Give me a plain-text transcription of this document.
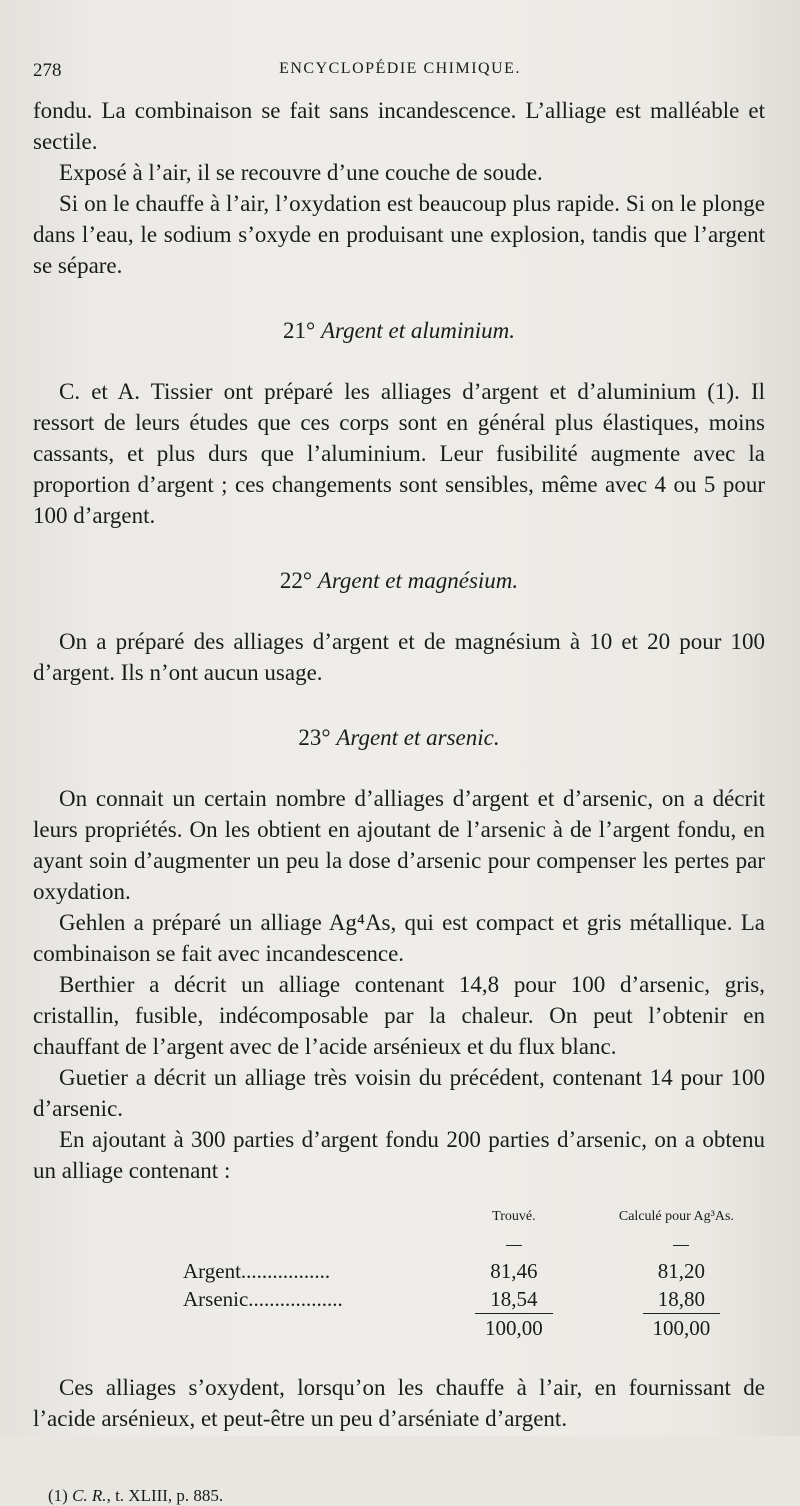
278	ENCYCLOPÉDIE CHIMIQUE.

fondu. La combinaison se fait sans incandescence. L’alliage est malléable et sectile.

Exposé à l’air, il se recouvre d’une couche de soude.

Si on le chauffe à l’air, l’oxydation est beaucoup plus rapide. Si on le plonge dans l’eau, le sodium s’oxyde en produisant une explosion, tandis que l’argent se sépare.

21° Argent et aluminium.

C. et A. Tissier ont préparé les alliages d’argent et d’aluminium (1). Il ressort de leurs études que ces corps sont en général plus élastiques, moins cassants, et plus durs que l’aluminium. Leur fusibilité augmente avec la proportion d’argent ; ces changements sont sensibles, même avec 4 ou 5 pour 100 d’argent.

22° Argent et magnésium.

On a préparé des alliages d’argent et de magnésium à 10 et 20 pour 100 d’argent. Ils n’ont aucun usage.

23° Argent et arsenic.

On connait un certain nombre d’alliages d’argent et d’arsenic, on a décrit leurs propriétés. On les obtient en ajoutant de l’arsenic à de l’argent fondu, en ayant soin d’augmenter un peu la dose d’arsenic pour compenser les pertes par oxydation.

Gehlen a préparé un alliage Ag⁴As, qui est compact et gris métallique. La combinaison se fait avec incandescence.

Berthier a décrit un alliage contenant 14,8 pour 100 d’arsenic, gris, cristallin, fusible, indécomposable par la chaleur. On peut l’obtenir en chauffant de l’argent avec de l’acide arsénieux et du flux blanc.

Guetier a décrit un alliage très voisin du précédent, contenant 14 pour 100 d’arsenic.

En ajoutant à 300 parties d’argent fondu 200 parties d’arsenic, on a obtenu un alliage contenant :

	Trouvé.	Calculé pour Ag³As.

Argent.................	81,46	81,20
Arsenic..................	18,54	18,80
	100,00	100,00

Ces alliages s’oxydent, lorsqu’on les chauffe à l’air, en fournissant de l’acide arsénieux, et peut-être un peu d’arséniate d’argent.

(1) C. R., t. XLIII, p. 885.
